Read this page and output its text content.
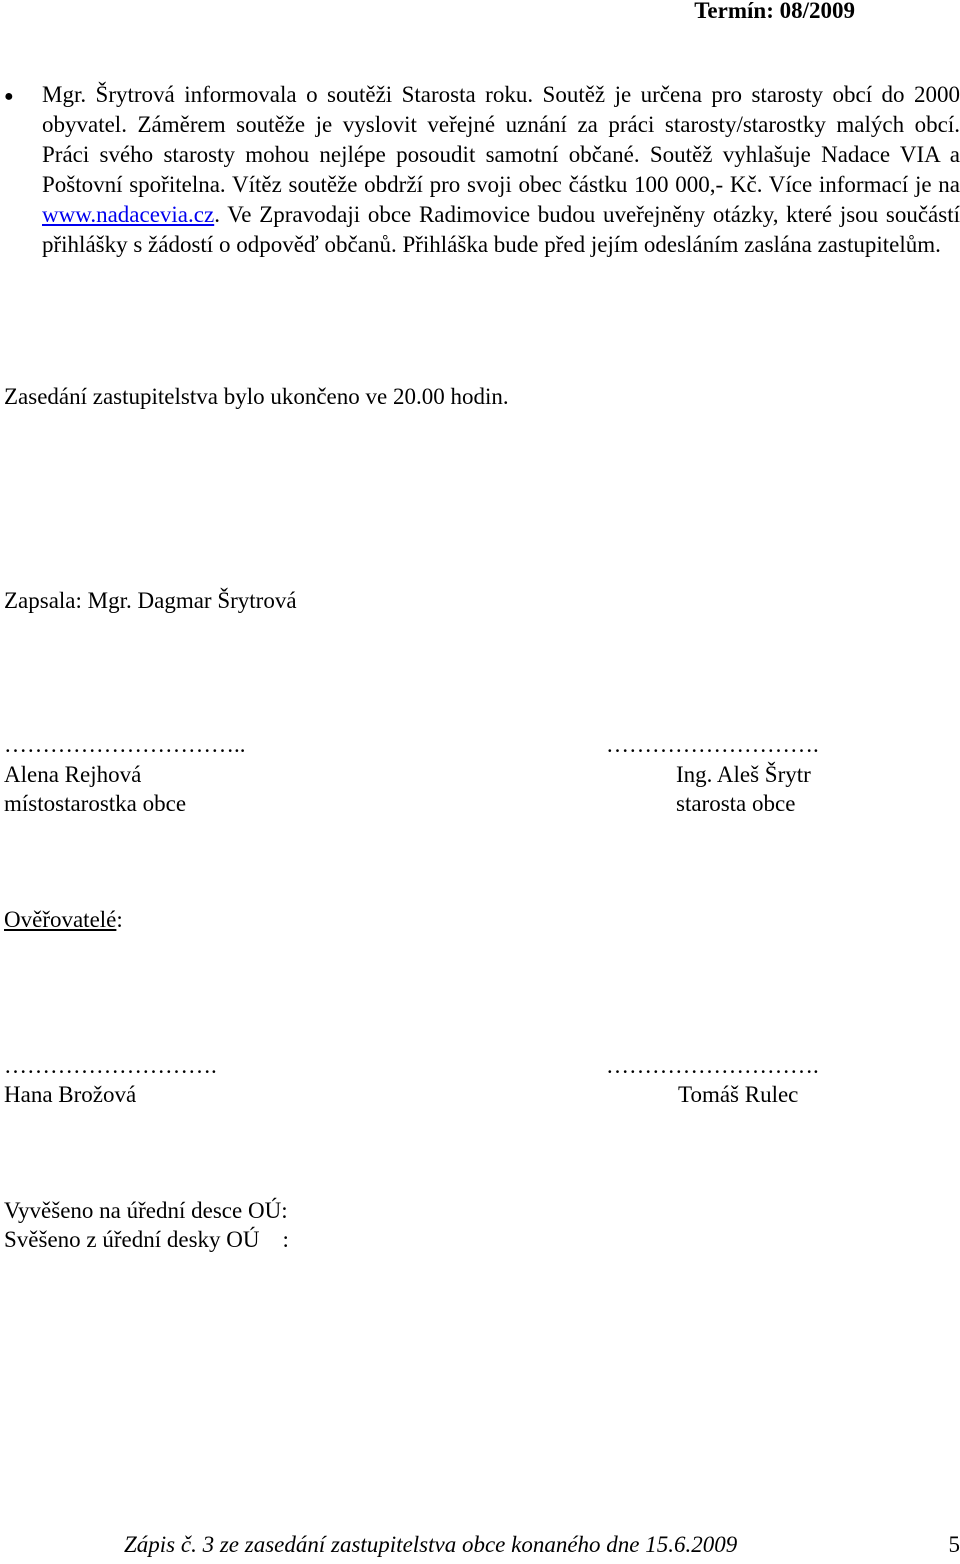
Termín: 08/2009
● Mgr. Šrytrová informovala o soutěži Starosta roku. Soutěž je určena pro starosty obcí do 2000 obyvatel. Záměrem soutěže je vyslovit veřejné uznání za práci starosty/starostky malých obcí. Práci svého starosty mohou nejlépe posoudit samotní občané. Soutěž vyhlašuje Nadace VIA a Poštovní spořitelna. Vítěz soutěže obdrží pro svoji obec částku 100 000,- Kč. Více informací je na www.nadacevia.cz. Ve Zpravodaji obce Radimovice budou uveřejněny otázky, které jsou součástí přihlášky s žádostí o odpověď občanů. Přihláška bude před jejím odesláním zaslána zastupitelům.

Zasedání zastupitelstva bylo ukončeno ve 20.00 hodin.
Zapsala: Mgr. Dagmar Šrytrová
…………………………..
Alena Rejhová
místostarostka obce
……………………….
Ing. Aleš Šrytr
starosta obce
Ověřovatelé:
……………………….
Hana Brožová
……………………….
Tomáš Rulec
Vyvěšeno na úřední desce OÚ:
Svěšeno z úřední desky OÚ    :
Zápis č. 3 ze zasedání zastupitelstva obce konaného dne 15.6.2009	5
